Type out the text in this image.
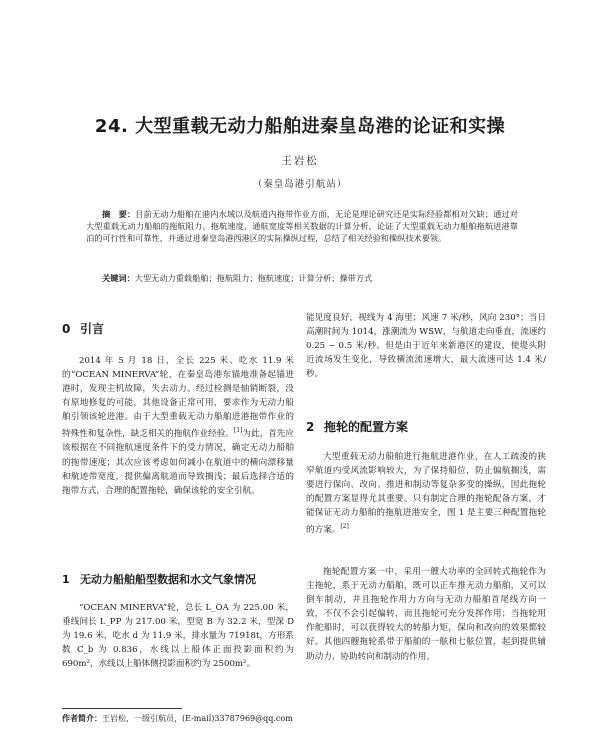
24. 大型重载无动力船舶进秦皇岛港的论证和实操
王岩松
（秦皇岛港引航站）
摘　要：目前无动力船舶在港内水域以及航道内拖带作业方面，无论是理论研究还是实际经验都相对欠缺；通过对大型重载无动力船舶的拖航阻力、拖航速度、通航宽度等相关数据的计算分析，论证了大型重载无动力船舶拖航进港靠泊的可行性和可靠性，并通过进秦皇岛港西港区的实际操纵过程，总结了相关经验和操纵技术要领。
关键词：大型无动力重载船舶；拖航阻力；拖航速度；计算分析；操带方式
0 引言
2014 年 5 月 18 日，全长 225 米、吃水 11.9 米的“OCEAN MINERVA”轮，在秦皇岛港东锚地准备起锚进港时，发现主机故障，失去动力。经过检测是轴销断裂，没有原地修复的可能，其他设备正常可用，要求作为无动力船舶引领该轮进港。由于大型重载无动力船舶进港拖带作业的特殊性和复杂性，缺乏相关的拖航作业经验。[1]为此，首先应该根据在不同拖航速度条件下的受力情况，确定无动力船舶的拖带速度；其次应该考虑如何减小在航道中的横向漂移量和航迹带宽度，提供偏离航道而导致搁浅；最后选择合适的拖带方式，合理的配置拖轮，确保该轮的安全引航。
1 无动力船舶船型数据和水文气象情况
“OCEAN MINERVA”轮，总长 L_OA 为 225.00 米，垂线间长 L_PP 为 217.00 米，型宽 B 为 32.2 米，型深 D 为 19.6 米，吃水 d 为 11.9 米，排水量为 71918t，方形系数 C_b 为 0.836，水线以上船体正面投影面积约为 690m²，水线以上船体侧投影面积约为 2500m²。
能见度良好，视线为 4 海里；风速 7 米/秒，风向 230°；当日高潮时间为 1014，涨潮流为 WSW，与航道走向垂直，流速约 0.25 ~ 0.5 米/秒。但是由于近年来新港区的建设，使堤头附近流场发生变化，导致横流流速增大，最大流速可达 1.4 米/秒。
2 拖轮的配置方案
大型重载无动力船舶进行拖航进港作业，在人工疏浚的狭窄航道内受风流影响较大，为了保持船位，防止偏航搁浅，需要进行保向、改向、推进和制动等复杂多变的操纵，因此拖轮的配置方案显得尤其重要。只有制定合理的拖轮配备方案，才能保证无动力船舶的拖航进港安全，图 1 是主要三种配置拖轮的方案。[2]
拖轮配置方案一中，采用一艘大功率的全回转式拖轮作为主拖轮，系于无动力船舶，既可以正车推无动力船舶，又可以倒车制动，并且拖轮作用力方向与无动力船舶首尾线方向一致，不仅不会引起偏转，而且拖轮可充分发挥作用；当拖轮用作舵船时，可以获得较大的转船力矩，保向和改向的效果都较好。其他四艘拖轮系带于船舶的一舷和七舷位置，起到提供辅助动力、协助转向和制动的作用。
作者简介：王岩松，一级引航员，(E-mail)33787969@qq.com
